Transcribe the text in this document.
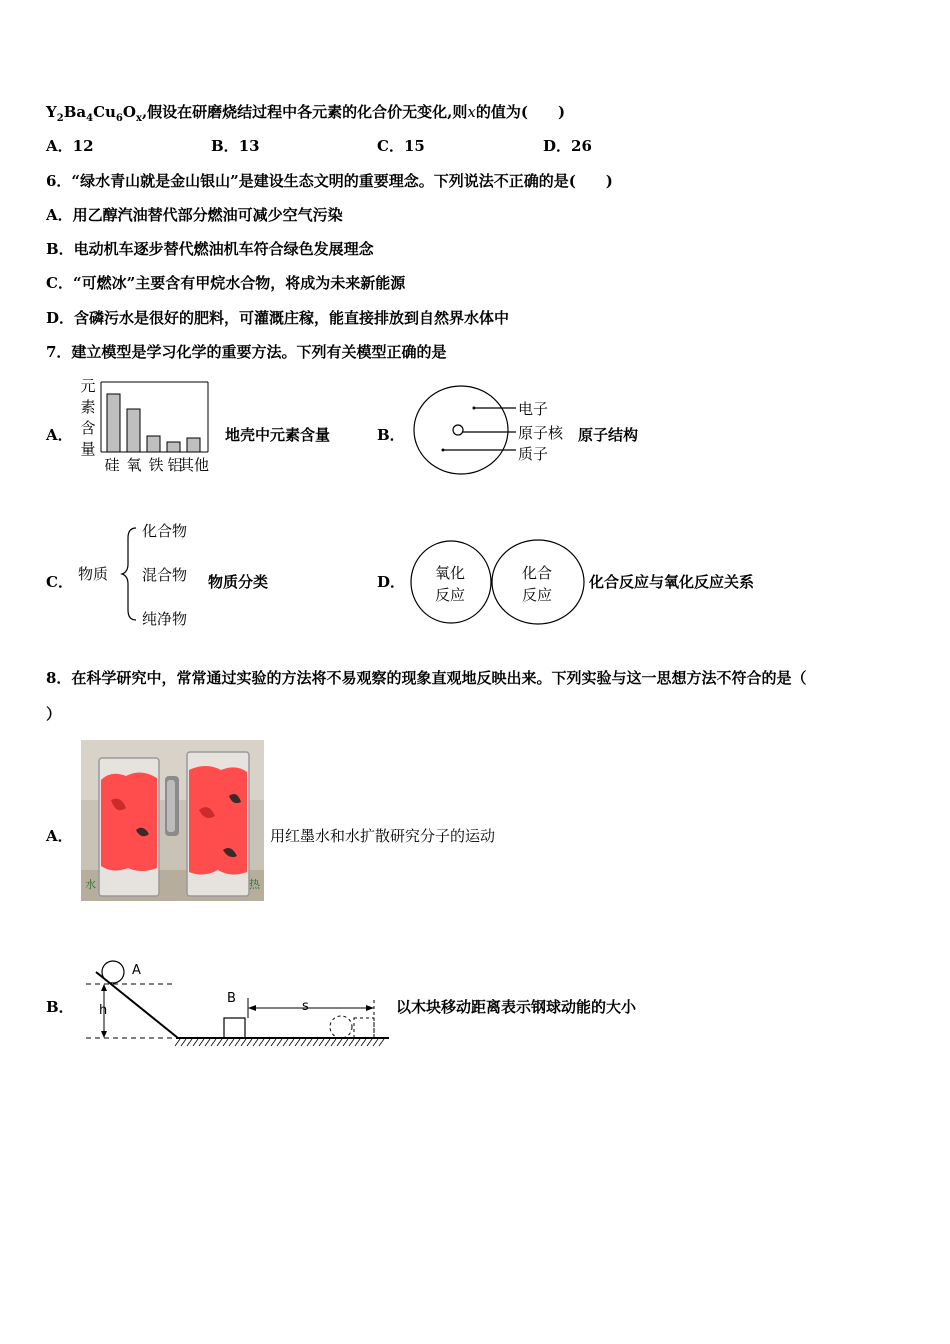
$Y_2Ba_4Cu_6O_x$,假设在研磨烧结过程中各元素的化合价无变化,则x的值为(　　)
A．12	B．13	C．15	D．26
6．“绿水青山就是金山银山”是建设生态文明的重要理念。下列说法不正确的是(　　)
A．用乙醇汽油替代部分燃油可减少空气污染
B．电动机车逐步替代燃油机车符合绿色发展理念
C．“可燃冰”主要含有甲烷水合物，将成为未来新能源
D．含磷污水是很好的肥料，可灌溉庄稼，能直接排放到自然界水体中
7．建立模型是学习化学的重要方法。下列有关模型正确的是
A．
元
素
含
量
硅 氧 铁 铝
其他
地壳中元素含量	B．
电子
原子核
质子
原子结构
C． 物质
化合物
混合物
纯净物
物质分类	D． 氧化
反应
化合
反应
化合反应与氧化反应关系
8．在科学研究中，常常通过实验的方法将不易观察的现象直观地反映出来。下列实验与这一思想方法不符合的是（
）
A．
水	热
用红墨水和水扩散研究分子的运动
B．
A
h
B
s	以木块移动距离表示钢球动能的大小
